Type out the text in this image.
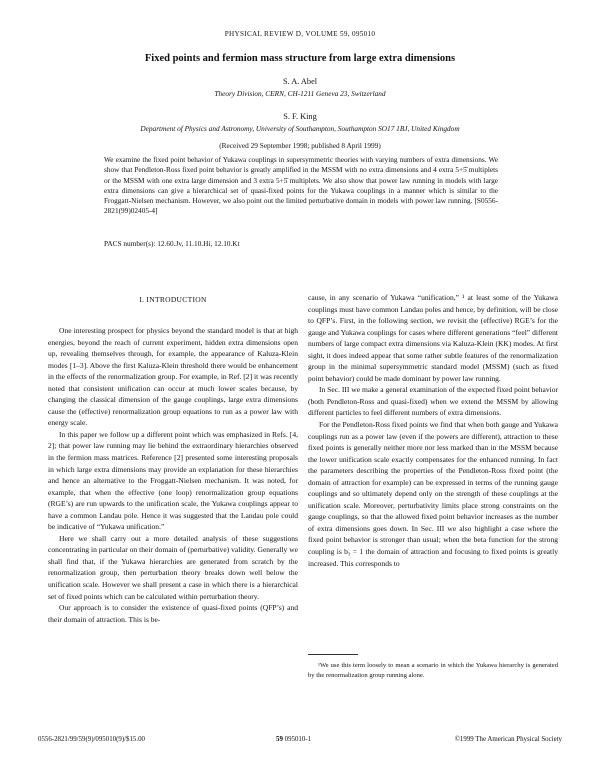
PHYSICAL REVIEW D, VOLUME 59, 095010
Fixed points and fermion mass structure from large extra dimensions
S. A. Abel
Theory Division, CERN, CH-1211 Geneva 23, Switzerland
S. F. King
Department of Physics and Astronomy, University of Southampton, Southampton SO17 1BJ, United Kingdom
(Received 29 September 1998; published 8 April 1999)
We examine the fixed point behavior of Yukawa couplings in supersymmetric theories with varying numbers of extra dimensions. We show that Pendleton-Ross fixed point behavior is greatly amplified in the MSSM with no extra dimensions and 4 extra 5+5̄ multiplets or the MSSM with one extra large dimension and 3 extra 5+5̄ multiplets. We also show that power law running in models with large extra dimensions can give a hierarchical set of quasi-fixed points for the Yukawa couplings in a manner which is similar to the Froggatt-Nielsen mechanism. However, we also point out the limited perturbative domain in models with power law running. [S0556-2821(99)02405-4]
PACS number(s): 12.60.Jv, 11.10.Hi, 12.10.Kt
I. INTRODUCTION

One interesting prospect for physics beyond the standard model is that at high energies, beyond the reach of current experiment, hidden extra dimensions open up, revealing themselves through, for example, the appearance of Kaluza-Klein modes [1–3]. Above the first Kaluza-Klein threshold there would be enhancement in the effects of the renormalization group. For example, in Ref. [2] it was recently noted that consistent unification can occur at much lower scales because, by changing the classical dimension of the gauge couplings, large extra dimensions cause the (effective) renormalization group equations to run as a power law with energy scale.

In this paper we follow up a different point which was emphasized in Refs. [4, 2]; that power law running may lie behind the extraordinary hierarchies observed in the fermion mass matrices. Reference [2] presented some interesting proposals in which large extra dimensions may provide an explanation for these hierarchies and hence an alternative to the Froggatt-Nielsen mechanism. It was noted, for example, that when the effective (one loop) renormalization group equations (RGE’s) are run upwards to the unification scale, the Yukawa couplings appear to have a common Landau pole. Hence it was suggested that the Landau pole could be indicative of “Yukawa unification.”

Here we shall carry out a more detailed analysis of these suggestions concentrating in particular on their domain of (perturbative) validity. Generally we shall find that, if the Yukawa hierarchies are generated from scratch by the renormalization group, then perturbation theory breaks down well below the unification scale. However we shall present a case in which there is a hierarchical set of fixed points which can be calculated within perturbation theory.

Our approach is to consider the existence of quasi-fixed points (QFP’s) and their domain of attraction. This is be-

cause, in any scenario of Yukawa “unification,” ¹ at least some of the Yukawa couplings must have common Landau poles and hence, by definition, will be close to QFP’s. First, in the following section, we revisit the (effective) RGE’s for the gauge and Yukawa couplings for cases where different generations “feel” different numbers of large compact extra dimensions via Kaluza-Klein (KK) modes. At first sight, it does indeed appear that some rather subtle features of the renormalization group in the minimal supersymmetric standard model (MSSM) (such as fixed point behavior) could be made dominant by power law running.

In Sec. III we make a general examination of the expected fixed point behavior (both Pendleton-Ross and quasi-fixed) when we extend the MSSM by allowing different particles to feel different numbers of extra dimensions.

For the Pendleton-Ross fixed points we find that when both gauge and Yukawa couplings run as a power law (even if the powers are different), attraction to these fixed points is generally neither more nor less marked than in the MSSM because the lower unification scale exactly compensates for the enhanced running. In fact the parameters describing the properties of the Pendleton-Ross fixed point (the domain of attraction for example) can be expressed in terms of the running gauge couplings and so ultimately depend only on the strength of these couplings at the unification scale. Moreover, perturbativity limits place strong constraints on the gauge couplings, so that the allowed fixed point behavior increases as the number of extra dimensions goes down. In Sec. III we also highlight a case where the fixed point behavior is stronger than usual; when the beta function for the strong coupling is b₃ = 1 the domain of attraction and focusing to fixed points is greatly increased. This corresponds to

¹We use this term loosely to mean a scenario in which the Yukawa hierarchy is generated by the renormalization group running alone.
0556-2821/99/59(9)/095010(9)/$15.00	59 095010-1	©1999 The American Physical Society
